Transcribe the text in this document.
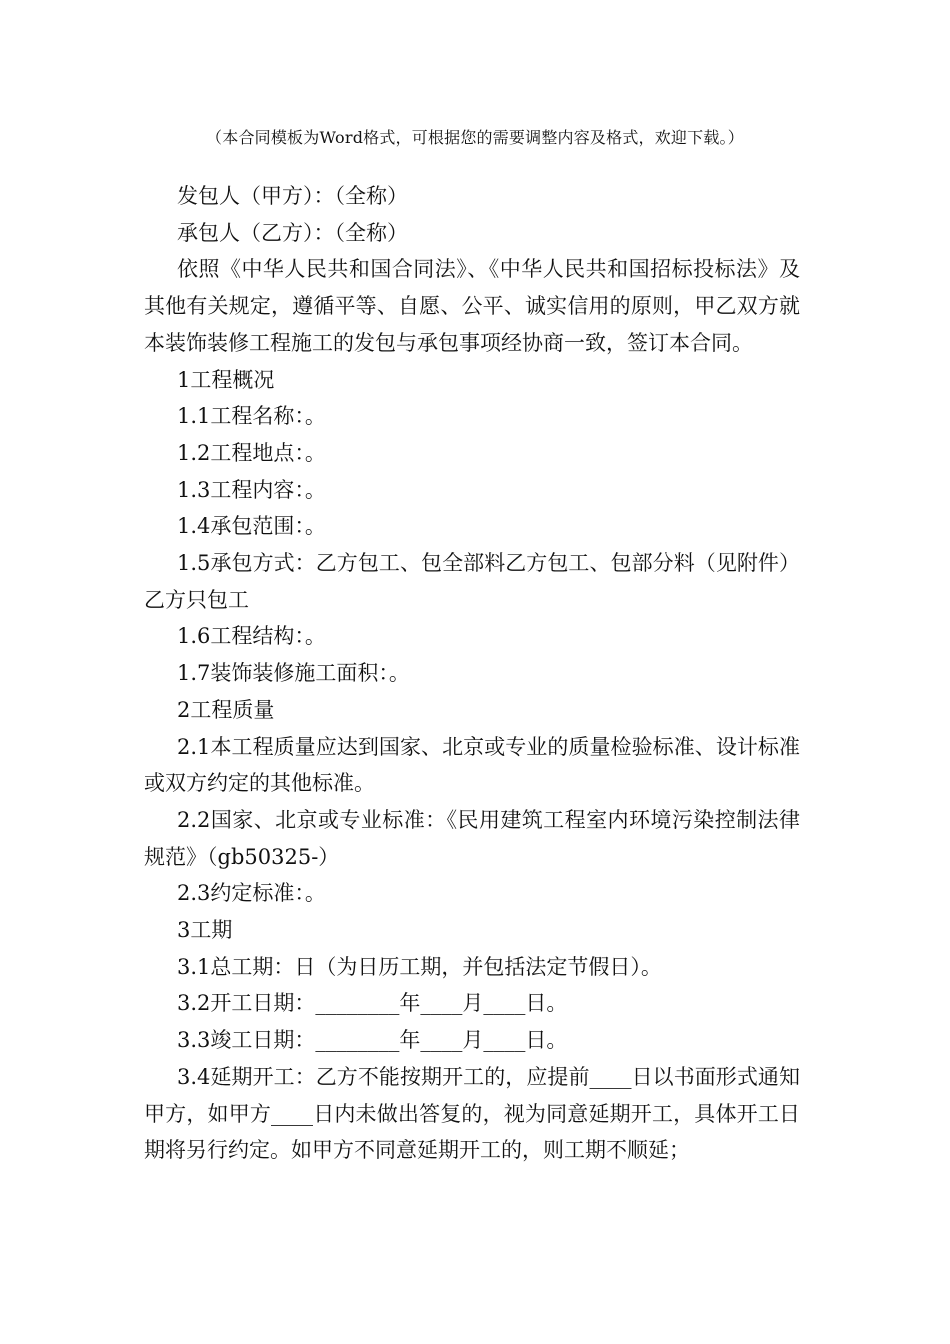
（本合同模板为Word格式，可根据您的需要调整内容及格式，欢迎下载。）

发包人（甲方）：（全称）

承包人（乙方）：（全称）

依照《中华人民共和国合同法》、《中华人民共和国招标投标法》及其他有关规定，遵循平等、自愿、公平、诚实信用的原则，甲乙双方就本装饰装修工程施工的发包与承包事项经协商一致，签订本合同。

1工程概况

1.1工程名称：。

1.2工程地点：。

1.3工程内容：。

1.4承包范围：。

1.5承包方式：乙方包工、包全部料乙方包工、包部分料（见附件）乙方只包工

1.6工程结构：。

1.7装饰装修施工面积：。

2工程质量

2.1本工程质量应达到国家、北京或专业的质量检验标准、设计标准或双方约定的其他标准。

2.2国家、北京或专业标准：《民用建筑工程室内环境污染控制法律规范》（gb50325-）

2.3约定标准：。

3工期

3.1总工期：日（为日历工期，并包括法定节假日）。

3.2开工日期：________年____月____日。

3.3竣工日期：________年____月____日。

3.4延期开工：乙方不能按期开工的，应提前____日以书面形式通知甲方，如甲方____日内未做出答复的，视为同意延期开工，具体开工日期将另行约定。如甲方不同意延期开工的，则工期不顺延；
